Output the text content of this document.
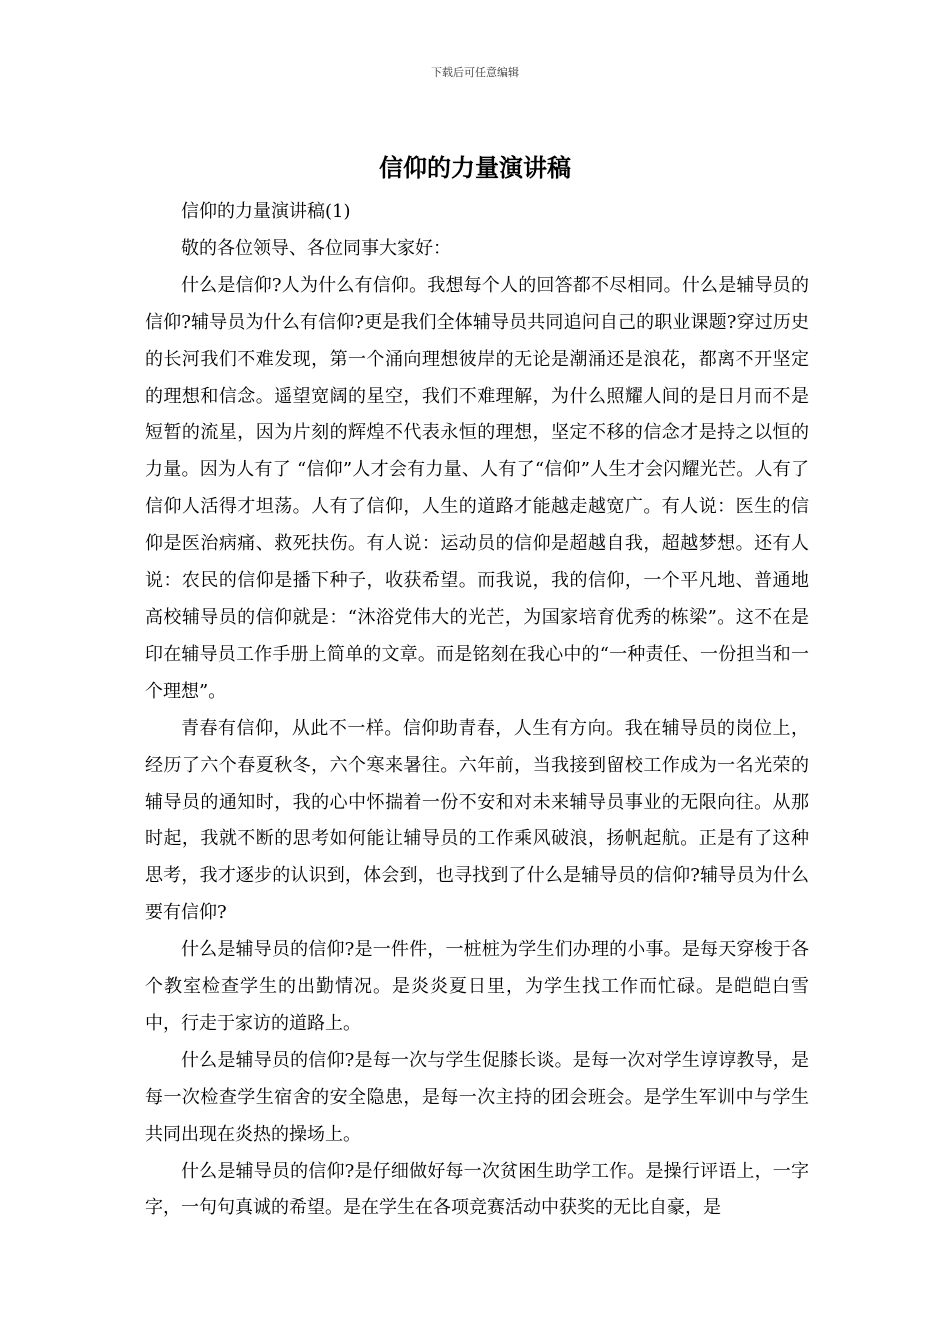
下载后可任意编辑
信仰的力量演讲稿

信仰的力量演讲稿(1)

敬的各位领导、各位同事大家好：

什么是信仰?人为什么有信仰。我想每个人的回答都不尽相同。什么是辅导员的信仰?辅导员为什么有信仰?更是我们全体辅导员共同追问自己的职业课题?穿过历史的长河我们不难发现，第一个涌向理想彼岸的无论是潮涌还是浪花，都离不开坚定的理想和信念。遥望宽阔的星空，我们不难理解，为什么照耀人间的是日月而不是短暂的流星，因为片刻的辉煌不代表永恒的理想，坚定不移的信念才是持之以恒的力量。因为人有了 “信仰”人才会有力量、人有了“信仰”人生才会闪耀光芒。人有了信仰人活得才坦荡。人有了信仰，人生的道路才能越走越宽广。有人说：医生的信仰是医治病痛、救死扶伤。有人说：运动员的信仰是超越自我，超越梦想。还有人说：农民的信仰是播下种子，收获希望。而我说，我的信仰，一个平凡地、普通地高校辅导员的信仰就是：“沐浴党伟大的光芒，为国家培育优秀的栋梁”。这不在是印在辅导员工作手册上简单的文章。而是铭刻在我心中的“一种责任、一份担当和一个理想”。

青春有信仰，从此不一样。信仰助青春，人生有方向。我在辅导员的岗位上，经历了六个春夏秋冬，六个寒来暑往。六年前，当我接到留校工作成为一名光荣的辅导员的通知时，我的心中怀揣着一份不安和对未来辅导员事业的无限向往。从那时起，我就不断的思考如何能让辅导员的工作乘风破浪，扬帆起航。正是有了这种思考，我才逐步的认识到，体会到，也寻找到了什么是辅导员的信仰?辅导员为什么要有信仰?

什么是辅导员的信仰?是一件件，一桩桩为学生们办理的小事。是每天穿梭于各个教室检查学生的出勤情况。是炎炎夏日里，为学生找工作而忙碌。是皑皑白雪中，行走于家访的道路上。

什么是辅导员的信仰?是每一次与学生促膝长谈。是每一次对学生谆谆教导，是每一次检查学生宿舍的安全隐患，是每一次主持的团会班会。是学生军训中与学生共同出现在炎热的操场上。

什么是辅导员的信仰?是仔细做好每一次贫困生助学工作。是操行评语上，一字字，一句句真诚的希望。是在学生在各项竞赛活动中获奖的无比自豪，是
